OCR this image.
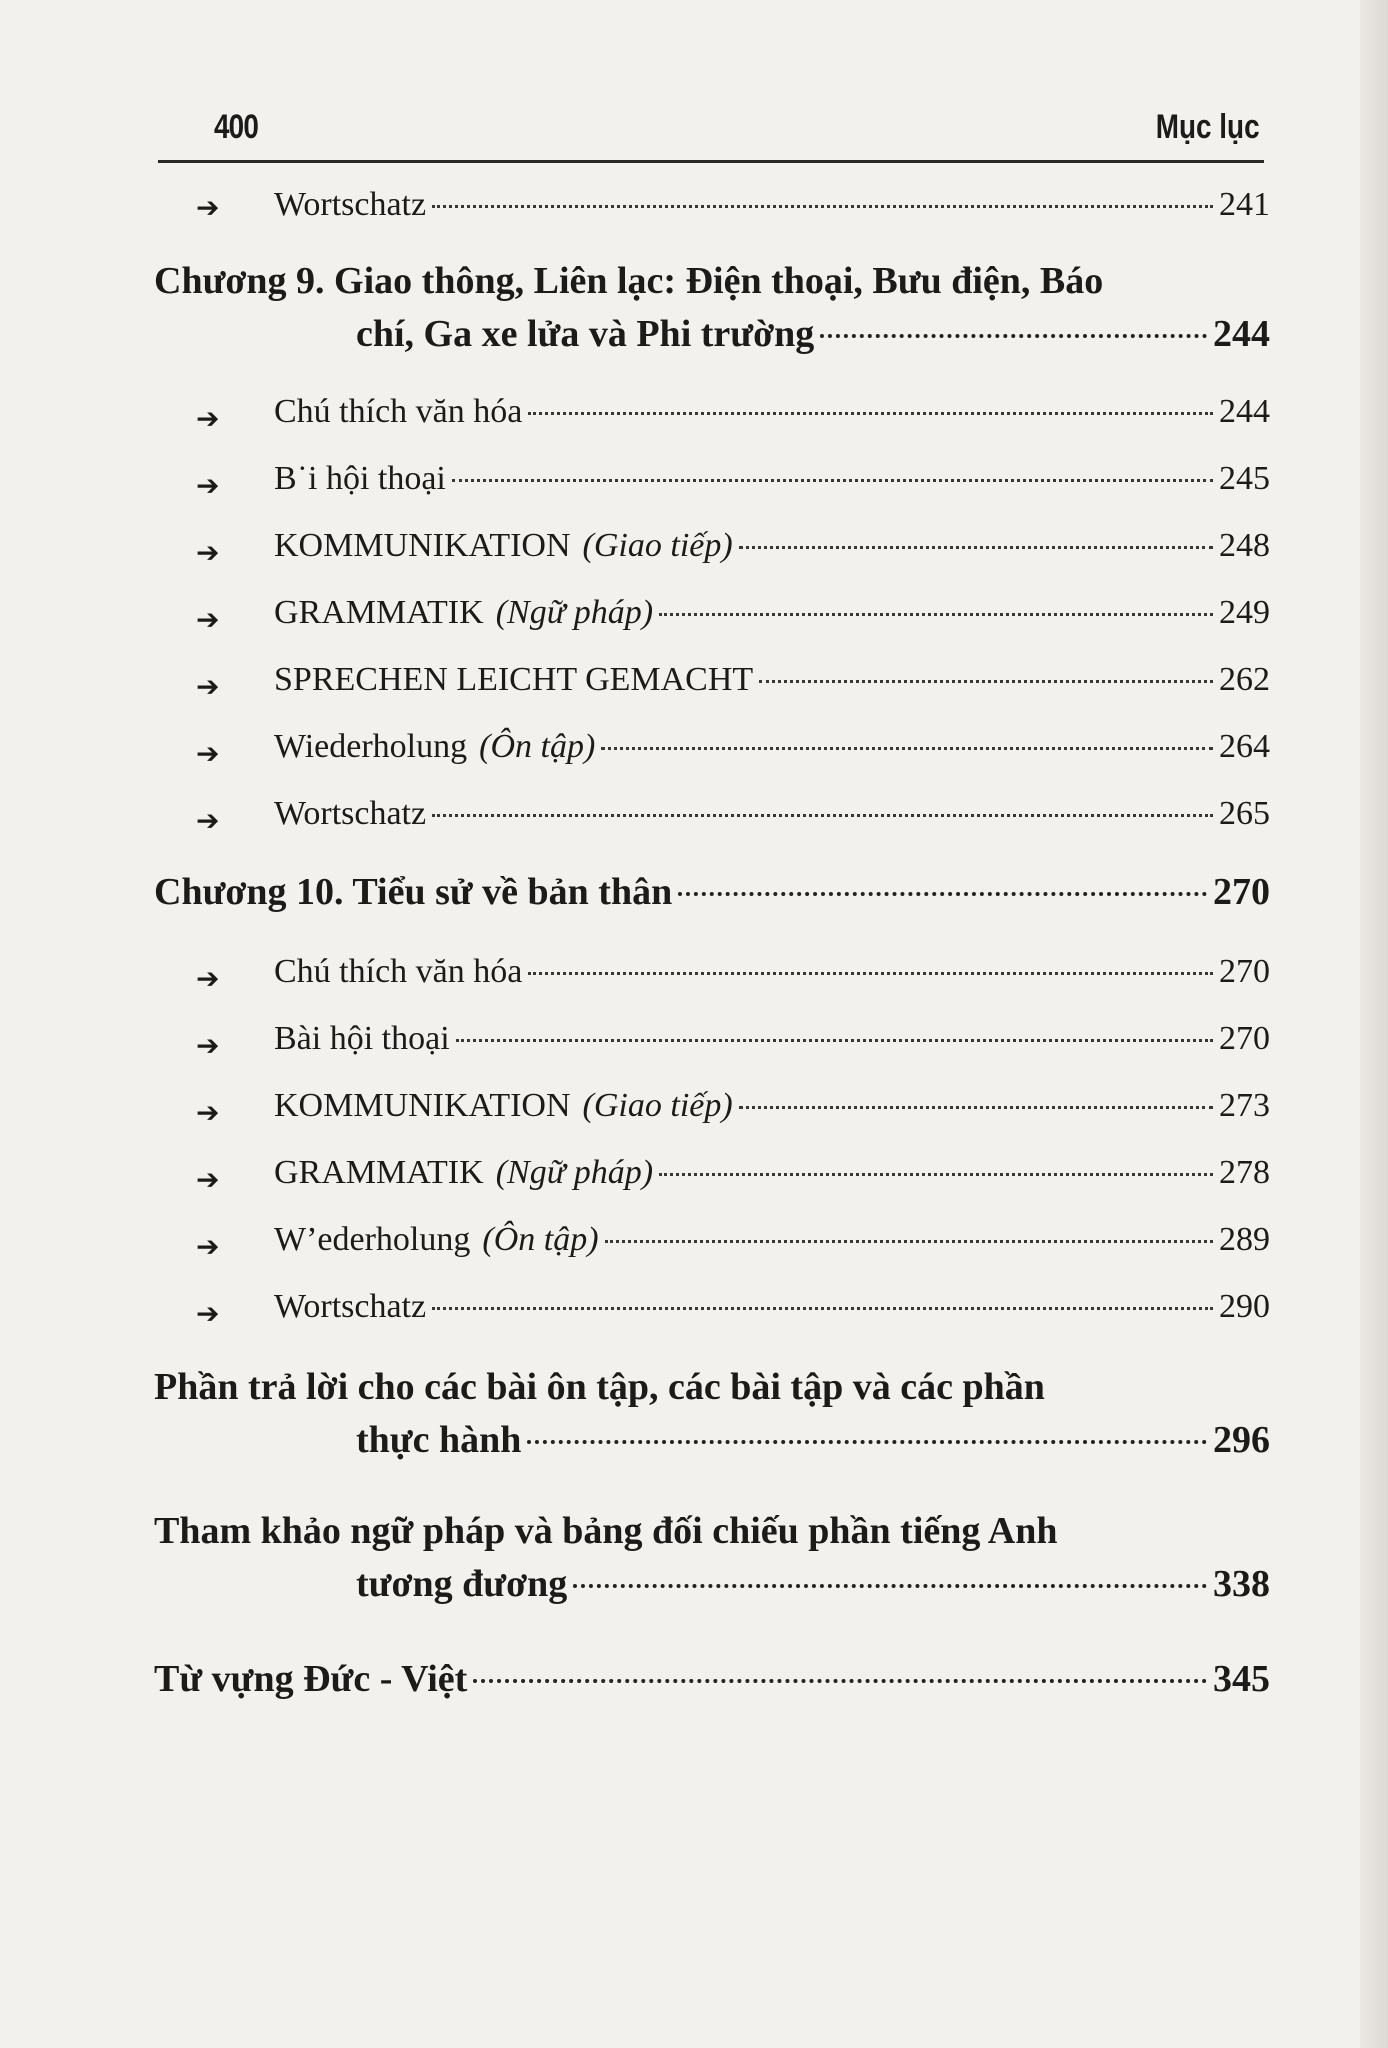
400	Mục lục
➔ Wortschatz	241
Chương 9. Giao thông, Liên lạc: Điện thoại, Bưu điện, Báo
chí, Ga xe lửa và Phi trường	244
➔ Chú thích văn hóa	244
➔ B˙i hội thoại	245
➔ KOMMUNIKATION (Giao tiếp)	248
➔ GRAMMATIK (Ngữ pháp)	249
➔ SPRECHEN LEICHT GEMACHT	262
➔ Wiederholung (Ôn tập)	264
➔ Wortschatz	265
Chương 10. Tiểu sử về bản thân	270
➔ Chú thích văn hóa	270
➔ Bài hội thoại	270
➔ KOMMUNIKATION (Giao tiếp)	273
➔ GRAMMATIK (Ngữ pháp)	278
➔ W’ederholung (Ôn tập)	289
➔ Wortschatz	290
Phần trả lời cho các bài ôn tập, các bài tập và các phần
thực hành	296
Tham khảo ngữ pháp và bảng đối chiếu phần tiếng Anh
tương đương	338
Từ vựng Đức - Việt	345
